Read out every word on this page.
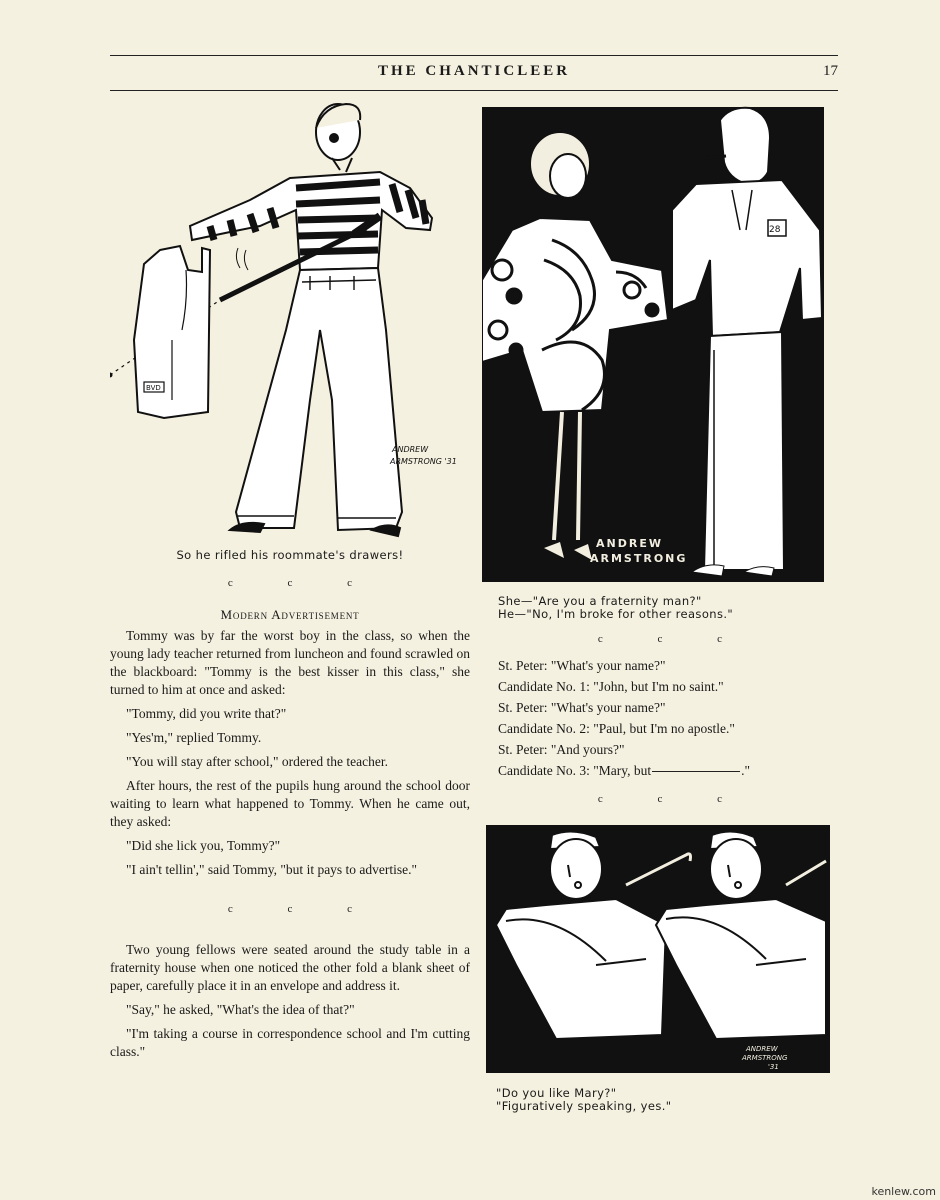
THE CHANTICLEER	17
BVD
ANDREW
ARMSTRONG '31
So he rifled his roommate's drawers!
c c c
Modern Advertisement

Tommy was by far the worst boy in the class, so when the young lady teacher returned from luncheon and found scrawled on the blackboard: "Tommy is the best kisser in this class," she turned to him at once and asked:

"Tommy, did you write that?"

"Yes'm," replied Tommy.

"You will stay after school," ordered the teacher.

After hours, the rest of the pupils hung around the school door waiting to learn what happened to Tommy. When he came out, they asked:

"Did she lick you, Tommy?"

"I ain't tellin'," said Tommy, "but it pays to advertise."

c c c

Two young fellows were seated around the study table in a fraternity house when one noticed the other fold a blank sheet of paper, carefully place it in an envelope and address it.

"Say," he asked, "What's the idea of that?"

"I'm taking a course in correspondence school and I'm cutting class."

28
ANDREW
ARMSTRONG
She—"Are you a fraternity man?"
He—"No, I'm broke for other reasons."
c c c

St. Peter: "What's your name?"

Candidate No. 1: "John, but I'm no saint."

St. Peter: "What's your name?"

Candidate No. 2: "Paul, but I'm no apostle."

St. Peter: "And yours?"

Candidate No. 3: "Mary, but	."

c c c
ANDREW
ARMSTRONG
'31
"Do you like Mary?"
"Figuratively speaking, yes."
kenlew.com
